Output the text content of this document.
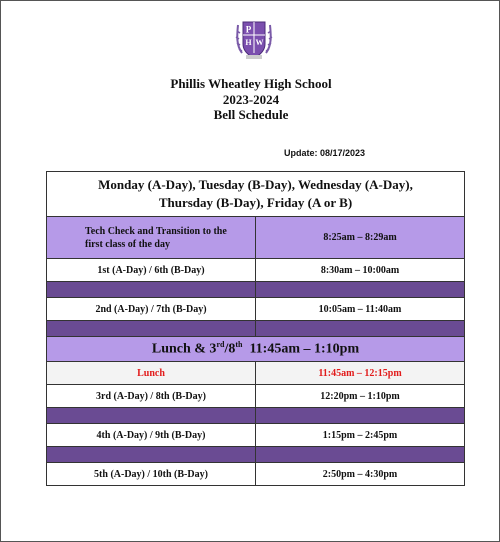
P
H W
Phillis Wheatley High School
2023-2024
Bell Schedule
Update: 08/17/2023
Monday (A-Day), Tuesday (B-Day), Wednesday (A-Day),
Thursday (B-Day), Friday (A or B)	

Tech Check and Transition to the
first class of the day	8:25am – 8:29am
1st (A-Day) / 6th (B-Day)	8:30am – 10:00am

2nd (A-Day) / 7th (B-Day)	10:05am – 11:40am

Lunch & 3rd/8th  11:45am – 1:10pm	
Lunch	11:45am – 12:15pm
3rd (A-Day) / 8th (B-Day)	12:20pm – 1:10pm

4th (A-Day) / 9th (B-Day)	1:15pm – 2:45pm

5th (A-Day) / 10th (B-Day)	2:50pm – 4:30pm
